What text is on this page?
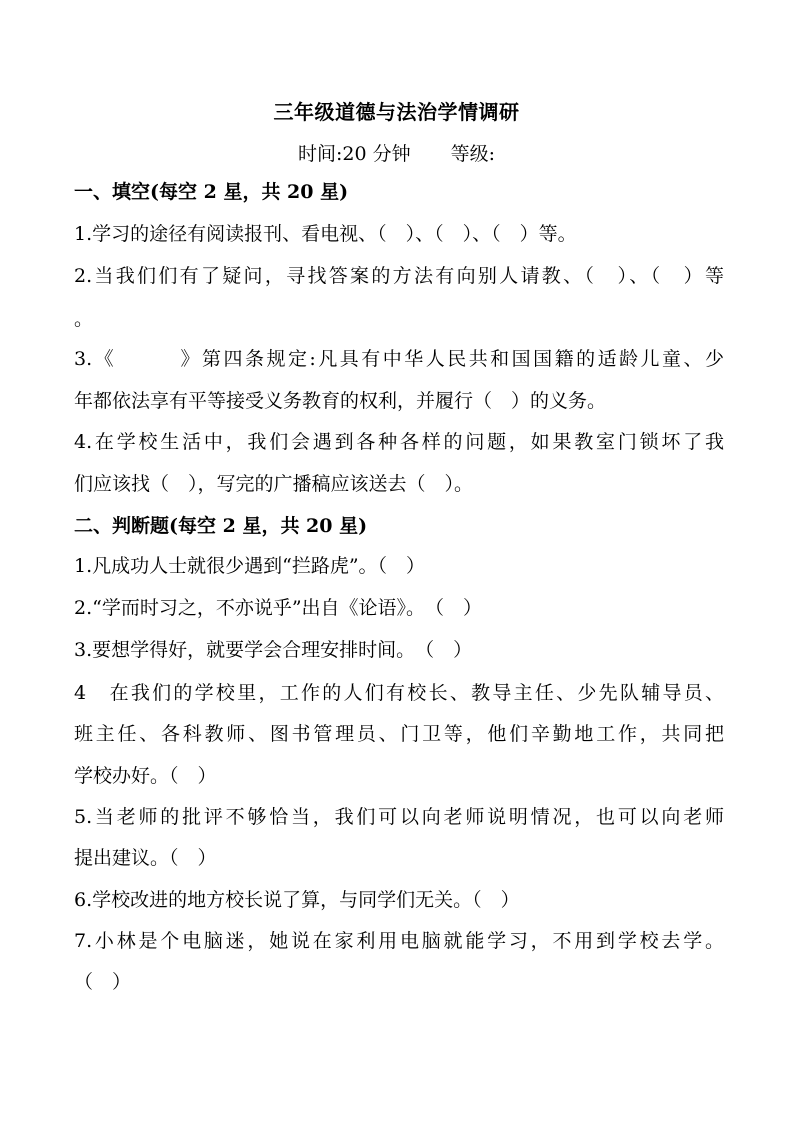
三年级道德与法治学情调研
时间:20 分钟 等级:
一、填空(每空 2 星，共 20 星)
1.学习的途径有阅读报刊、看电视、（　）、（　）、（　）等。
2.当我们们有了疑问，寻找答案的方法有向别人请教、（　）、（　）等
。
3.《　　　》第四条规定:凡具有中华人民共和国国籍的适龄儿童、少
年都依法享有平等接受义务教育的权利，并履行（　）的义务。
4.在学校生活中，我们会遇到各种各样的问题，如果教室门锁坏了我
们应该找（　），写完的广播稿应该送去（　）。
二、判断题(每空 2 星，共 20 星)
1.凡成功人士就很少遇到“拦路虎”。（　）
2.“学而时习之，不亦说乎”出自《论语》。　（　）
3.要想学得好，就要学会合理安排时间。　（　）
4　在我们的学校里，工作的人们有校长、教导主任、少先队辅导员、
班主任、各科教师、图书管理员、门卫等，他们辛勤地工作，共同把
学校办好。（　）
5.当老师的批评不够恰当，我们可以向老师说明情况，也可以向老师
提出建议。（　）
6.学校改进的地方校长说了算，与同学们无关。（　）
7.小林是个电脑迷，她说在家利用电脑就能学习，不用到学校去学。
（　）
